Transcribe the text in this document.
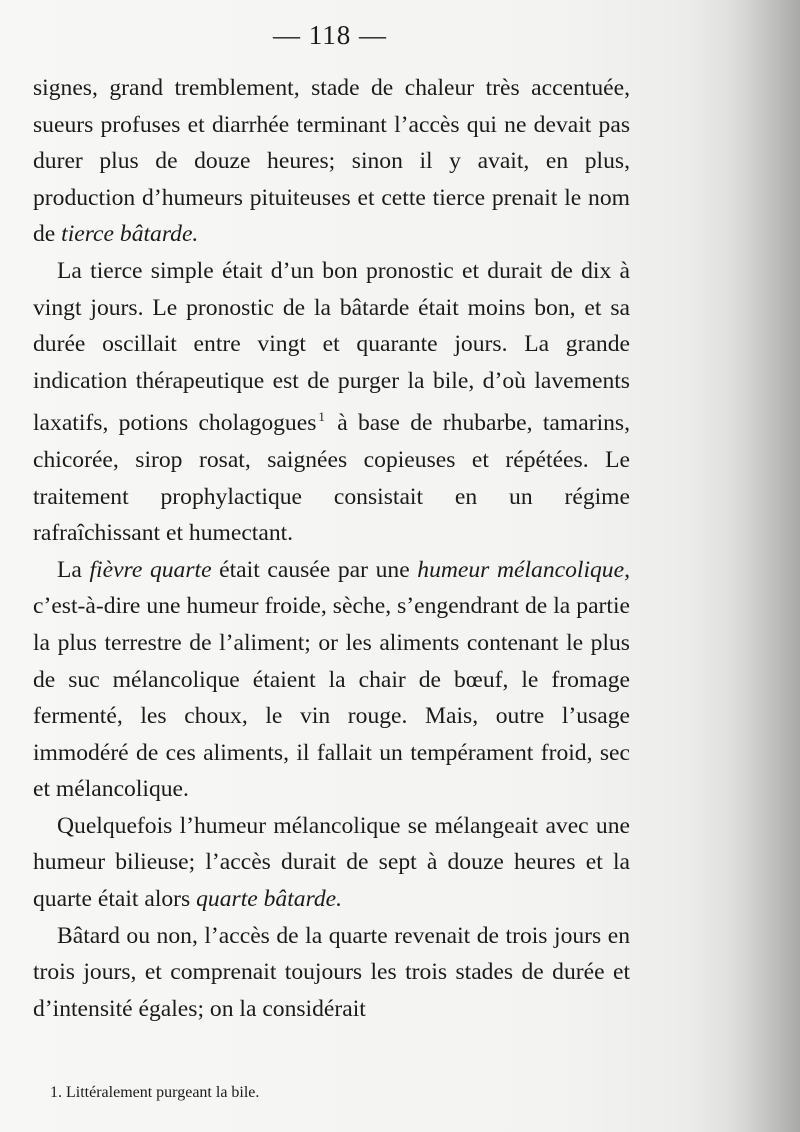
— 118 —

signes, grand tremblement, stade de chaleur très accentuée, sueurs profuses et diarrhée terminant l’accès qui ne devait pas durer plus de douze heures; sinon il y avait, en plus, production d’humeurs pituiteuses et cette tierce prenait le nom de tierce bâtarde.

La tierce simple était d’un bon pronostic et durait de dix à vingt jours. Le pronostic de la bâtarde était moins bon, et sa durée oscillait entre vingt et quarante jours. La grande indication thérapeutique est de purger la bile, d’où lavements laxatifs, potions cholagogues $^1$ à base de rhubarbe, tamarins, chicorée, sirop rosat, saignées copieuses et répétées. Le traitement prophylactique consistait en un régime rafraîchissant et humectant.

La fièvre quarte était causée par une humeur mélancolique, c’est-à-dire une humeur froide, sèche, s’engendrant de la partie la plus terrestre de l’aliment; or les aliments contenant le plus de suc mélancolique étaient la chair de bœuf, le fromage fermenté, les choux, le vin rouge. Mais, outre l’usage immodéré de ces aliments, il fallait un tempérament froid, sec et mélancolique.

Quelquefois l’humeur mélancolique se mélangeait avec une humeur bilieuse; l’accès durait de sept à douze heures et la quarte était alors quarte bâtarde.

Bâtard ou non, l’accès de la quarte revenait de trois jours en trois jours, et comprenait toujours les trois stades de durée et d’intensité égales; on la considérait

1. Littéralement purgeant la bile.
